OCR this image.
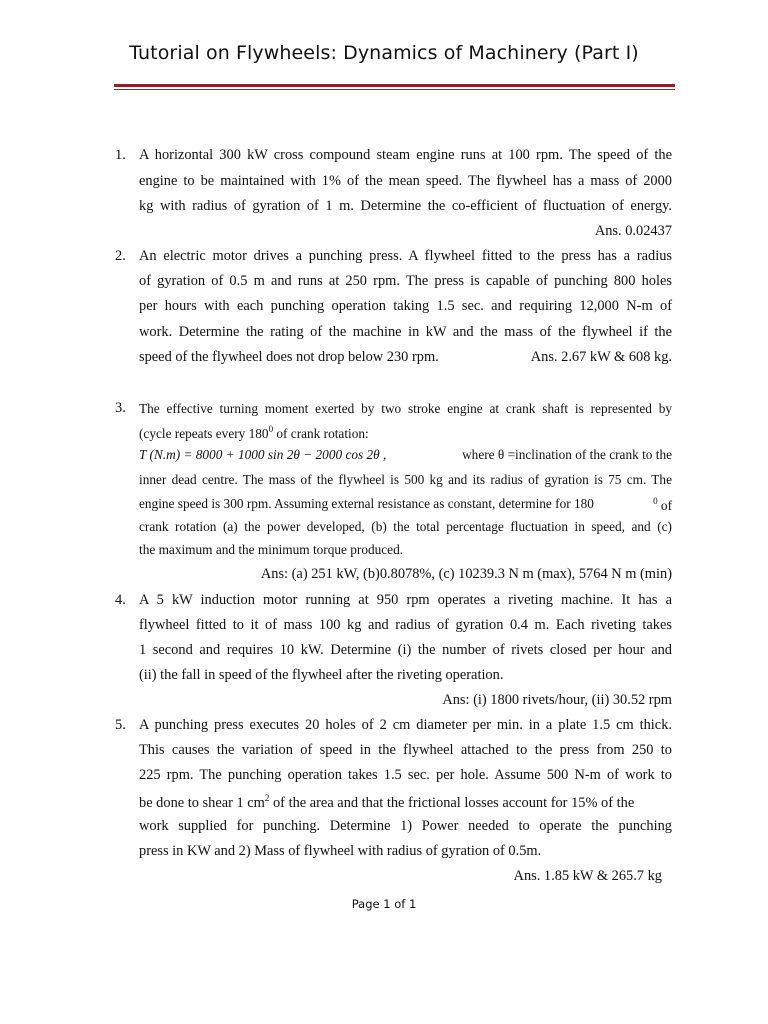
Tutorial on Flywheels: Dynamics of Machinery (Part I)
1. A horizontal 300 kW cross compound steam engine runs at 100 rpm. The speed of the
engine to be maintained with 1% of the mean speed. The flywheel has a mass of 2000
kg with radius of gyration of 1 m. Determine the co-efficient of fluctuation of energy.
Ans. 0.02437
2. An electric motor drives a punching press. A flywheel fitted to the press has a radius
of gyration of 0.5 m and runs at 250 rpm. The press is capable of punching 800 holes
per hours with each punching operation taking 1.5 sec. and requiring 12,000 N-m of
work. Determine the rating of the machine in kW and the mass of the flywheel if the
speed of the flywheel does not drop below 230 rpm.	Ans. 2.67 kW & 608 kg.
3. The effective turning moment exerted by two stroke engine at crank shaft is represented by
(cycle repeats every $180^0$ of crank rotation:
T (N.m) = 8000 + 1000 sin 2θ − 2000 cos 2θ ,	where θ =inclination of the crank to the
inner dead centre. The mass of the flywheel is 500 kg and its radius of gyration is 75 cm. The
engine speed is 300 rpm. Assuming external resistance as constant, determine for 180	$^0$ of
crank rotation (a) the power developed, (b) the total percentage fluctuation in speed, and (c)
the maximum and the minimum torque produced.
Ans: (a) 251 kW, (b)0.8078%, (c) 10239.3 N m (max), 5764 N m (min)
4. A 5 kW induction motor running at 950 rpm operates a riveting machine. It has a
flywheel fitted to it of mass 100 kg and radius of gyration 0.4 m. Each riveting takes
1 second and requires 10 kW. Determine (i) the number of rivets closed per hour and
(ii) the fall in speed of the flywheel after the riveting operation.
Ans: (i) 1800 rivets/hour, (ii) 30.52 rpm
5. A punching press executes 20 holes of 2 cm diameter per min. in a plate 1.5 cm thick.
This causes the variation of speed in the flywheel attached to the press from 250 to
225 rpm. The punching operation takes 1.5 sec. per hole. Assume 500 N-m of work to
be done to shear 1 $cm^2$ of the area and that the frictional losses account for 15% of the
work supplied for punching. Determine 1) Power needed to operate the punching
press in KW and 2) Mass of flywheel with radius of gyration of 0.5m.
Ans. 1.85 kW & 265.7 kg
Page 1 of 1
